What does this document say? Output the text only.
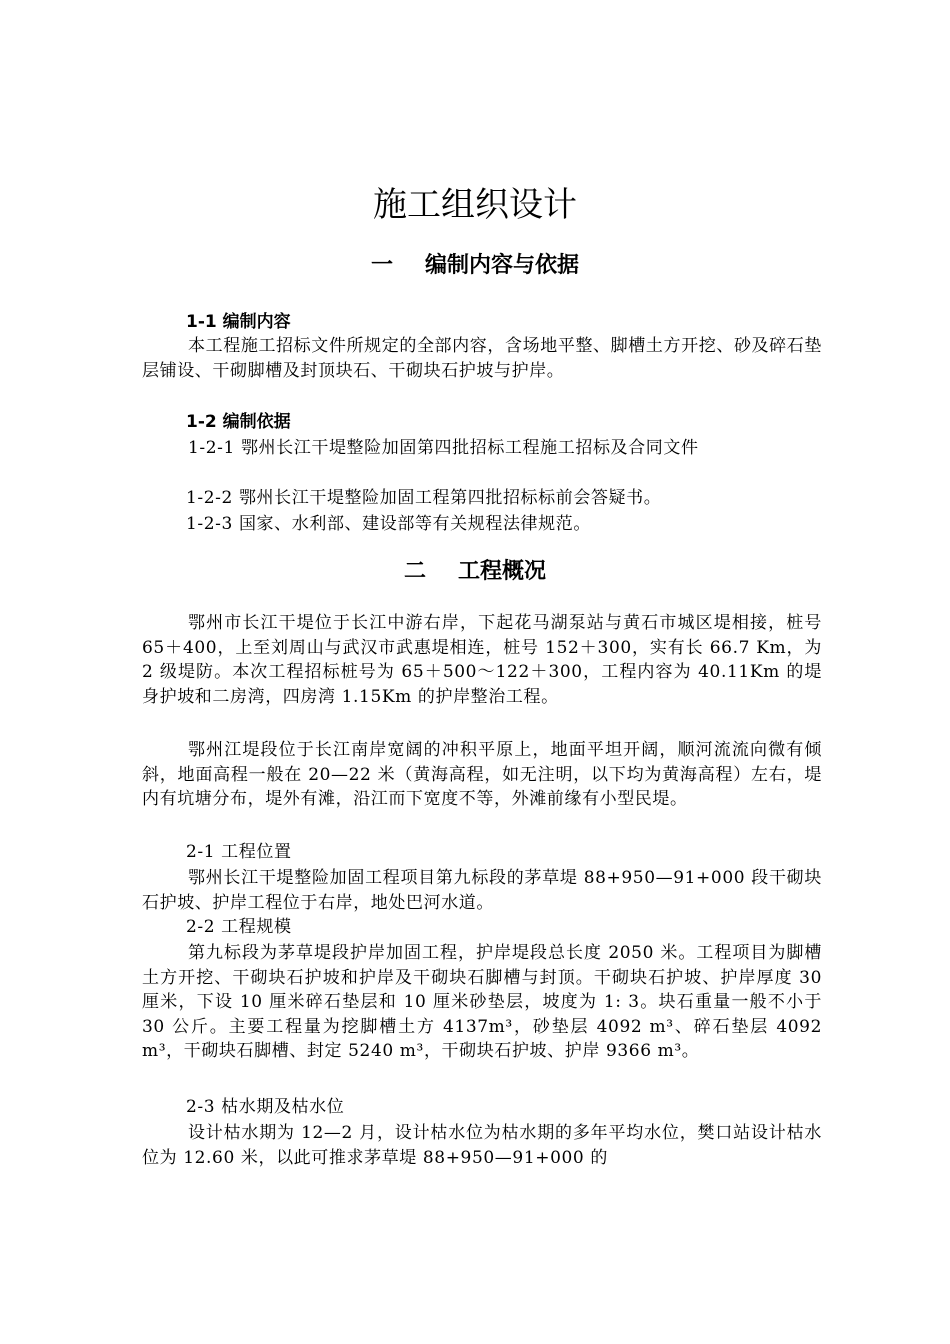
施工组织设计
一 编制内容与依据
1-1 编制内容
本工程施工招标文件所规定的全部内容，含场地平整、脚槽土方开挖、砂及碎石垫层铺设、干砌脚槽及封顶块石、干砌块石护坡与护岸。
1-2 编制依据
1-2-1 鄂州长江干堤整险加固第四批招标工程施工招标及合同文件
1-2-2 鄂州长江干堤整险加固工程第四批招标标前会答疑书。
1-2-3 国家、水利部、建设部等有关规程法律规范。
二 工程概况
鄂州市长江干堤位于长江中游右岸，下起花马湖泵站与黄石市城区堤相接，桩号 65＋400，上至刘周山与武汉市武惠堤相连，桩号 152＋300，实有长 66.7 Km，为 2 级堤防。本次工程招标桩号为 65＋500～122＋300，工程内容为 40.11Km 的堤身护坡和二房湾，四房湾 1.15Km 的护岸整治工程。
鄂州江堤段位于长江南岸宽阔的冲积平原上，地面平坦开阔，顺河流流向微有倾斜，地面高程一般在 20—22 米（黄海高程，如无注明，以下均为黄海高程）左右，堤内有坑塘分布，堤外有滩，沿江而下宽度不等，外滩前缘有小型民堤。
2-1 工程位置
鄂州长江干堤整险加固工程项目第九标段的茅草堤 88+950—91+000 段干砌块石护坡、护岸工程位于右岸，地处巴河水道。
2-2 工程规模
第九标段为茅草堤段护岸加固工程，护岸堤段总长度 2050 米。工程项目为脚槽土方开挖、干砌块石护坡和护岸及干砌块石脚槽与封顶。干砌块石护坡、护岸厚度 30 厘米，下设 10 厘米碎石垫层和 10 厘米砂垫层，坡度为 1: 3。块石重量一般不小于 30 公斤。主要工程量为挖脚槽土方 4137m³，砂垫层 4092 m³、碎石垫层 4092 m³，干砌块石脚槽、封定 5240 m³，干砌块石护坡、护岸 9366 m³。
2-3 枯水期及枯水位
设计枯水期为 12—2 月，设计枯水位为枯水期的多年平均水位，樊口站设计枯水位为 12.60 米，以此可推求茅草堤 88+950—91+000 的
